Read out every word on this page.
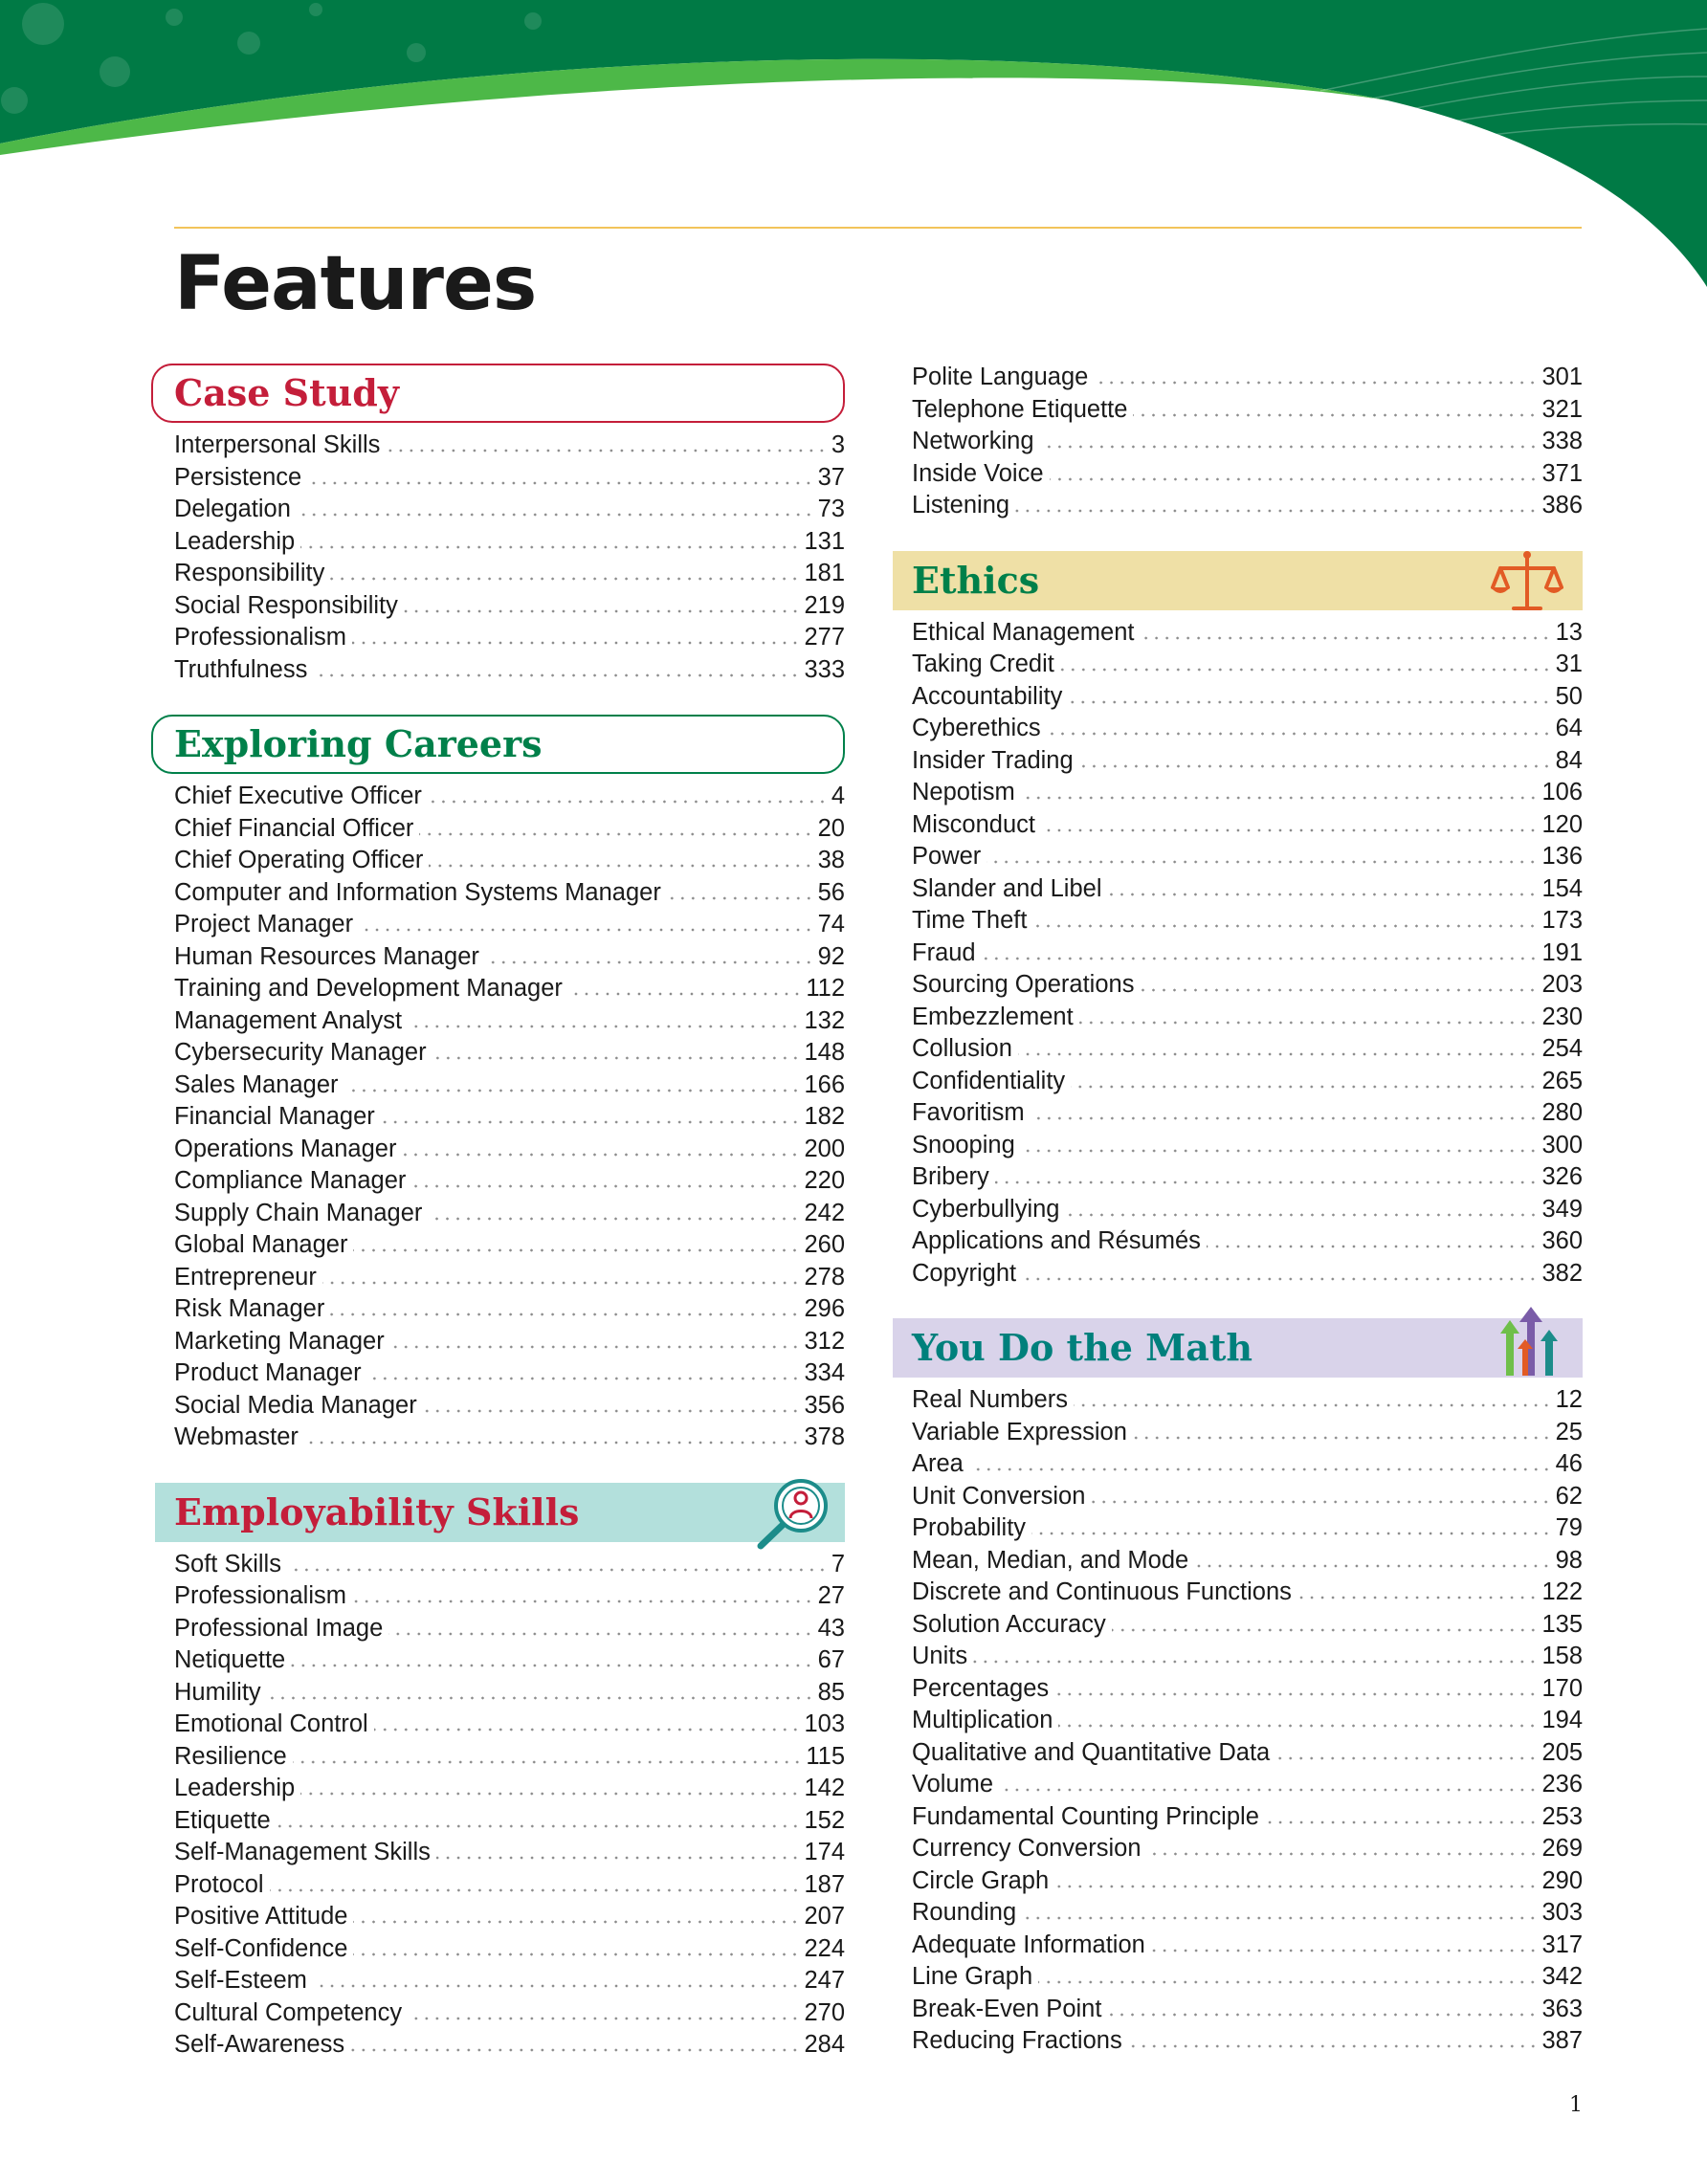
Features
Case Study
Interpersonal Skills	3
Persistence	37
Delegation	73
Leadership	131
Responsibility	181
Social Responsibility	219
Professionalism	277
Truthfulness	333
Exploring Careers
Chief Executive Officer	4
Chief Financial Officer	20
Chief Operating Officer	38
Computer and Information Systems Manager	56
Project Manager	74
Human Resources Manager	92
Training and Development Manager	112
Management Analyst	132
Cybersecurity Manager	148
Sales Manager	166
Financial Manager	182
Operations Manager	200
Compliance Manager	220
Supply Chain Manager	242
Global Manager	260
Entrepreneur	278
Risk Manager	296
Marketing Manager	312
Product Manager	334
Social Media Manager	356
Webmaster	378
Employability Skills
Soft Skills	7
Professionalism	27
Professional Image	43
Netiquette	67
Humility	85
Emotional Control	103
Resilience	115
Leadership	142
Etiquette	152
Self-Management Skills	174
Protocol	187
Positive Attitude	207
Self-Confidence	224
Self-Esteem	247
Cultural Competency	270
Self-Awareness	284
Polite Language	301
Telephone Etiquette	321
Networking	338
Inside Voice	371
Listening	386
Ethics
Ethical Management	13
Taking Credit	31
Accountability	50
Cyberethics	64
Insider Trading	84
Nepotism	106
Misconduct	120
Power	136
Slander and Libel	154
Time Theft	173
Fraud	191
Sourcing Operations	203
Embezzlement	230
Collusion	254
Confidentiality	265
Favoritism	280
Snooping	300
Bribery	326
Cyberbullying	349
Applications and Résumés	360
Copyright	382
You Do the Math
Real Numbers	12
Variable Expression	25
Area	46
Unit Conversion	62
Probability	79
Mean, Median, and Mode	98
Discrete and Continuous Functions	122
Solution Accuracy	135
Units	158
Percentages	170
Multiplication	194
Qualitative and Quantitative Data	205
Volume	236
Fundamental Counting Principle	253
Currency Conversion	269
Circle Graph	290
Rounding	303
Adequate Information	317
Line Graph	342
Break-Even Point	363
Reducing Fractions	387
1
